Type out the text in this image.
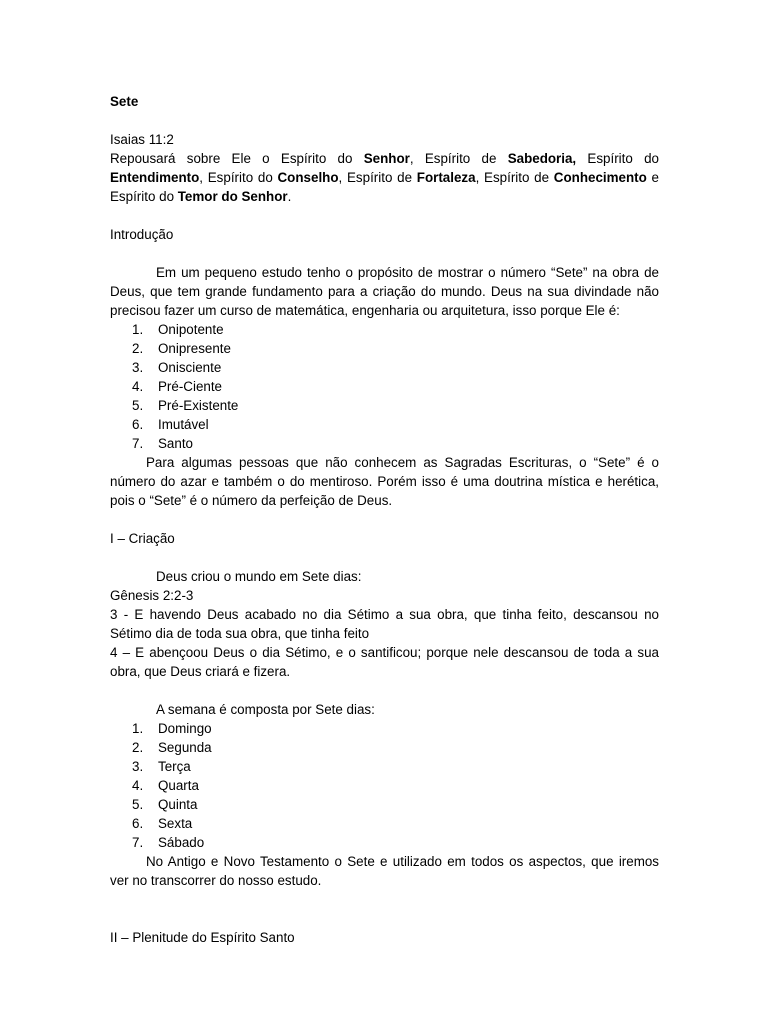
Sete

Isaias 11:2

Repousará sobre Ele o Espírito do Senhor, Espírito de Sabedoria, Espírito do Entendimento, Espírito do Conselho, Espírito de Fortaleza, Espírito de Conhecimento e Espírito do Temor do Senhor.

Introdução

Em um pequeno estudo tenho o propósito de mostrar o número “Sete” na obra de Deus, que tem grande fundamento para a criação do mundo. Deus na sua divindade não precisou fazer um curso de matemática, engenharia ou arquitetura, isso porque Ele é:

1. Onipotente
2. Onipresente
3. Onisciente
4. Pré-Ciente
5. Pré-Existente
6. Imutável
7. Santo

Para algumas pessoas que não conhecem as Sagradas Escrituras, o “Sete” é o número do azar e também o do mentiroso. Porém isso é uma doutrina mística e herética, pois o “Sete” é o número da perfeição de Deus.

I – Criação

Deus criou o mundo em Sete dias:

Gênesis 2:2-3

3 - E havendo Deus acabado no dia Sétimo a sua obra, que tinha feito, descansou no Sétimo dia de toda sua obra, que tinha feito

4 – E abençoou Deus o dia Sétimo, e o santificou; porque nele descansou de toda a sua obra, que Deus criará e fizera.

A semana é composta por Sete dias:

1. Domingo
2. Segunda
3. Terça
4. Quarta
5. Quinta
6. Sexta
7. Sábado

No Antigo e Novo Testamento o Sete e utilizado em todos os aspectos, que iremos ver no transcorrer do nosso estudo.

II – Plenitude do Espírito Santo
